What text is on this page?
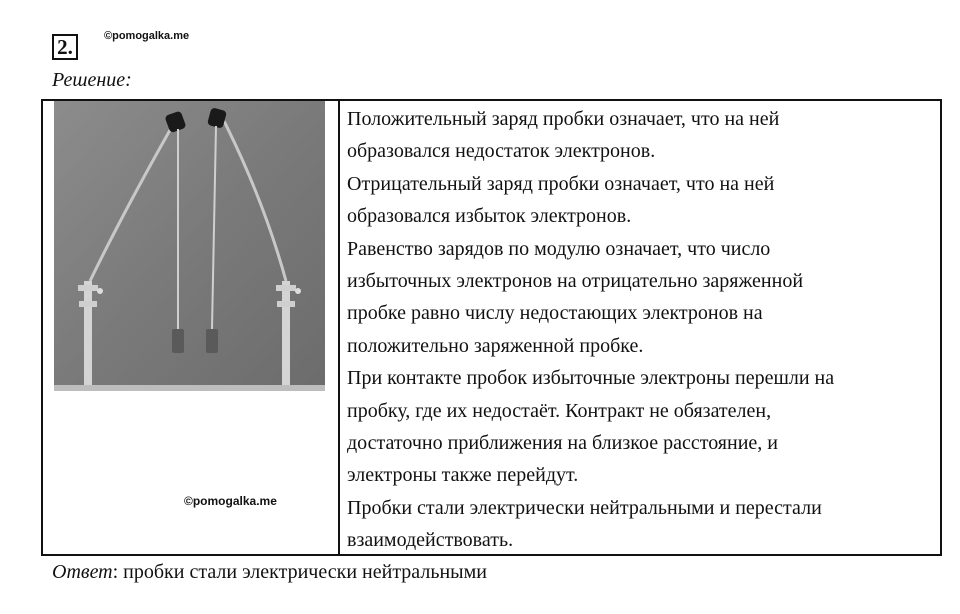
2.	©pomogalka.me
Решение:
©pomogalka.me

Положительный заряд пробки означает, что на ней

образовался недостаток электронов.

Отрицательный заряд пробки означает, что на ней

образовался избыток электронов.

Равенство зарядов по модулю означает, что число

избыточных электронов на отрицательно заряженной

пробке равно числу недостающих электронов на

положительно заряженной пробке.

При контакте пробок избыточные электроны перешли на

пробку, где их недостаёт. Контракт не обязателен,

достаточно приближения на близкое расстояние, и

электроны также перейдут.

Пробки стали электрически нейтральными и перестали

взаимодействовать.

Ответ: пробки стали электрически нейтральными
